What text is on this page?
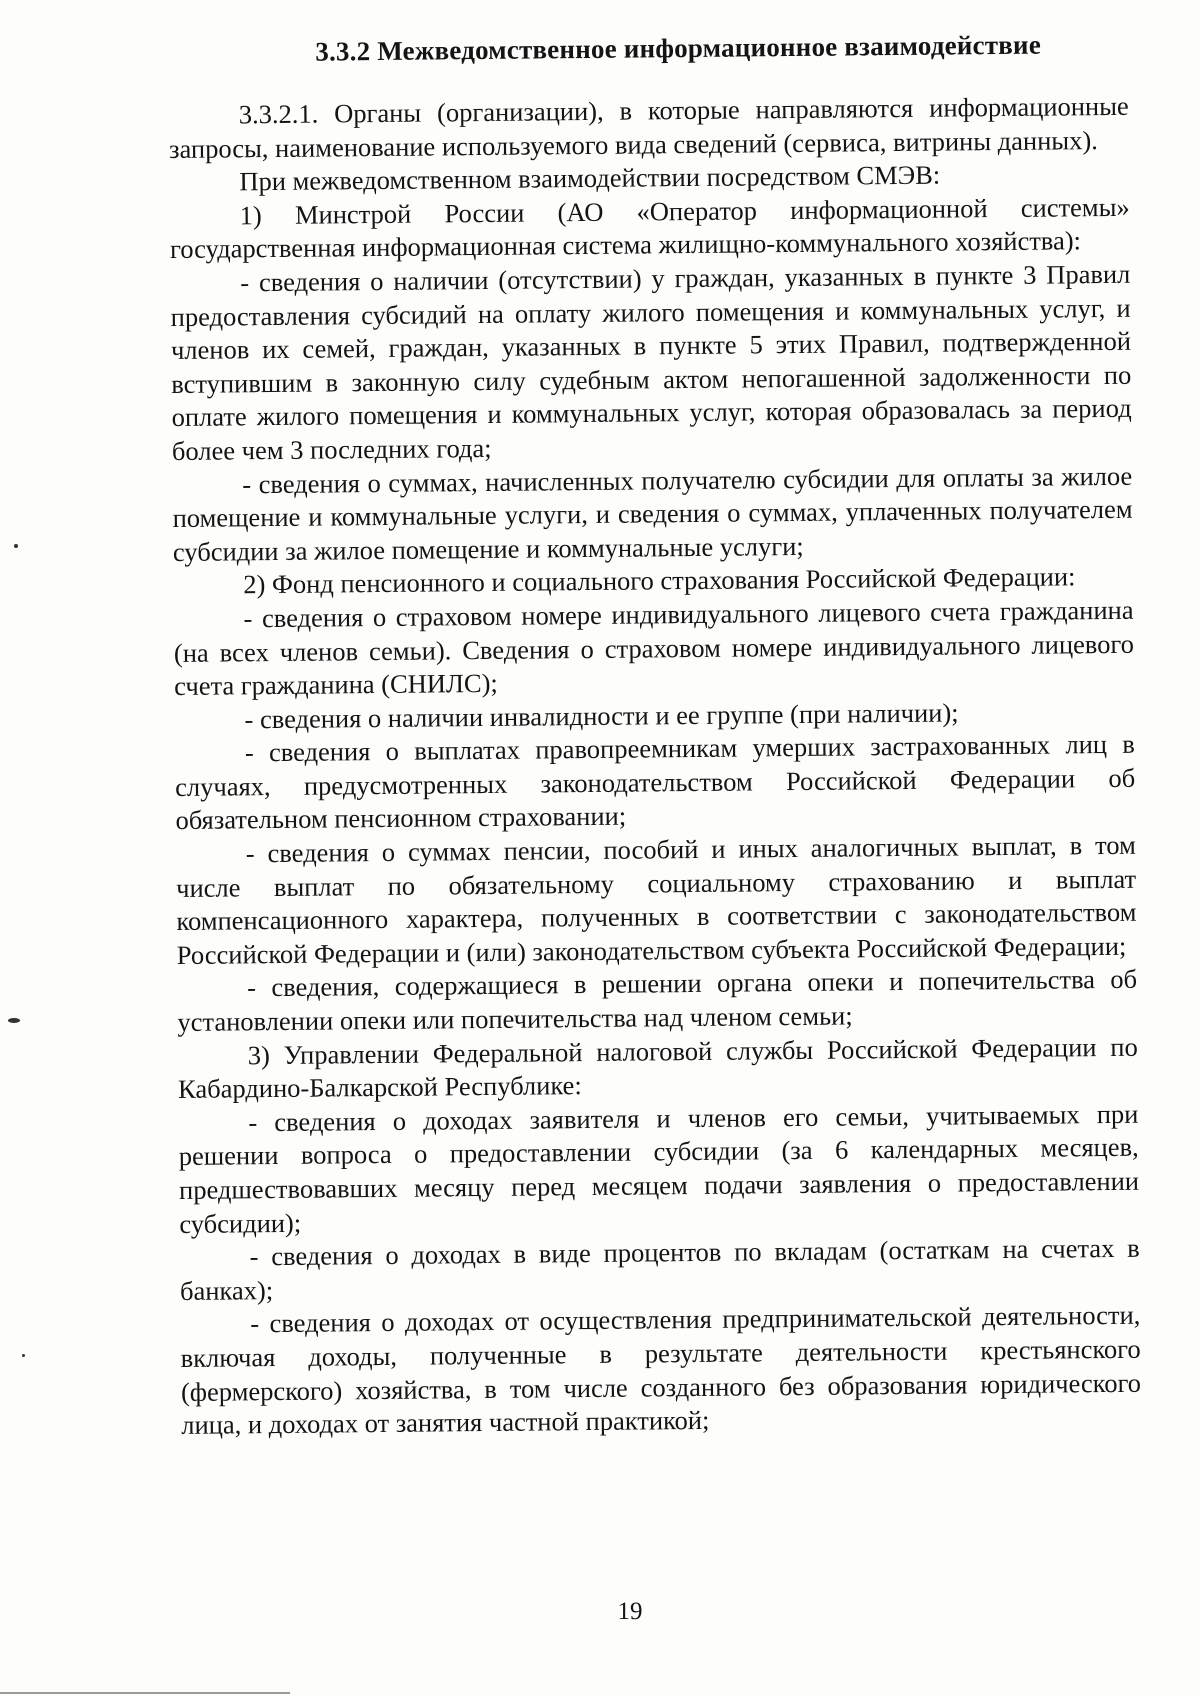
3.3.2 Межведомственное информационное взаимодействие

3.3.2.1. Органы (организации), в которые направляются информационные запросы, наименование используемого вида сведений (сервиса, витрины данных).

При межведомственном взаимодействии посредством СМЭВ:

1) Минстрой России (АО «Оператор информационной системы» государственная информационная система жилищно-коммунального хозяйства):

- сведения о наличии (отсутствии) у граждан, указанных в пункте 3 Правил предоставления субсидий на оплату жилого помещения и коммунальных услуг, и членов их семей, граждан, указанных в пункте 5 этих Правил, подтвержденной вступившим в законную силу судебным актом непогашенной задолженности по оплате жилого помещения и коммунальных услуг, которая образовалась за период более чем 3 последних года;

- сведения о суммах, начисленных получателю субсидии для оплаты за жилое помещение и коммунальные услуги, и сведения о суммах, уплаченных получателем субсидии за жилое помещение и коммунальные услуги;

2) Фонд пенсионного и социального страхования Российской Федерации:

- сведения о страховом номере индивидуального лицевого счета гражданина (на всех членов семьи). Сведения о страховом номере индивидуального лицевого счета гражданина (СНИЛС);

- сведения о наличии инвалидности и ее группе (при наличии);

- сведения о выплатах правопреемникам умерших застрахованных лиц в случаях, предусмотренных законодательством Российской Федерации об обязательном пенсионном страховании;

- сведения о суммах пенсии, пособий и иных аналогичных выплат, в том числе выплат по обязательному социальному страхованию и выплат компенсационного характера, полученных в соответствии с законодательством Российской Федерации и (или) законодательством субъекта Российской Федерации;

- сведения, содержащиеся в решении органа опеки и попечительства об установлении опеки или попечительства над членом семьи;

3) Управлении Федеральной налоговой службы Российской Федерации по Кабардино-Балкарской Республике:

- сведения о доходах заявителя и членов его семьи, учитываемых при решении вопроса о предоставлении субсидии (за 6 календарных месяцев, предшествовавших месяцу перед месяцем подачи заявления о предоставлении субсидии);

- сведения о доходах в виде процентов по вкладам (остаткам на счетах в банках);

- сведения о доходах от осуществления предпринимательской деятельности, включая доходы, полученные в результате деятельности крестьянского (фермерского) хозяйства, в том числе созданного без образования юридического лица, и доходах от занятия частной практикой;

19
